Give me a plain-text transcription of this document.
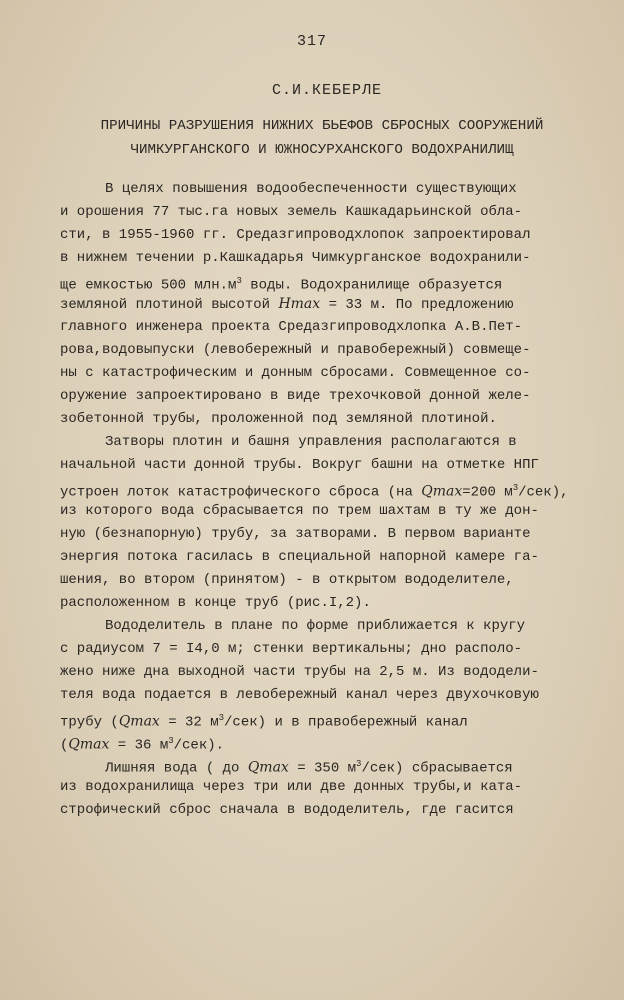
317
С.И.КЕБЕРЛЕ
ПРИЧИНЫ РАЗРУШЕНИЯ НИЖНИХ БЬЕФОВ СБРОСНЫХ СООРУЖЕНИЙ
ЧИМКУРГАНСКОГО И ЮЖНОСУРХАНСКОГО ВОДОХРАНИЛИЩ
В целях повышения водообеспеченности существующих
и орошения 77 тыс.га новых земель Кашкадарьинской обла-
сти, в 1955-1960 гг. Средазгипроводхлопок запроектировал
в нижнем течении р.Кашкадарья Чимкурганское водохранили-
ще емкостью 500 $млн.м^3$ воды. Водохранилище образуется
земляной плотиной высотой Hmax = 33 м. По предложению
главного инженера проекта Средазгипроводхлопка А.В.Пет-
рова,водовыпуски (левобережный и правобережный) совмеще-
ны с катастрофическим и донным сбросами. Совмещенное со-
оружение запроектировано в виде трехочковой донной желе-
зобетонной трубы, проложенной под земляной плотиной.
Затворы плотин и башня управления располагаются в
начальной части донной трубы. Вокруг башни на отметке НПГ
устроен лоток катастрофического сброса (на Qmax=200 $м^3/сек$),
из которого вода сбрасывается по трем шахтам в ту же дон-
ную (безнапорную) трубу, за затворами. В первом варианте
энергия потока гасилась в специальной напорной камере га-
шения, во втором (принятом) - в открытом вододелителе,
расположенном в конце труб (рис.I,2).
Вододелитель в плане по форме приближается к кругу
с радиусом 7 = I4,0 м; стенки вертикальны; дно располо-
жено ниже дна выходной части трубы на 2,5 м. Из вододели-
теля вода подается в левобережный канал через двухочковую
трубу (Qmax = 32 $м^3/сек$) и в правобережный канал
(Qmax = 36 $м^3/сек$).
Лишняя вода ( до Qmax = 350 $м^3/сек$) сбрасывается
из водохранилища через три или две донных трубы,и ката-
строфический сброс сначала в вододелитель, где гасится
